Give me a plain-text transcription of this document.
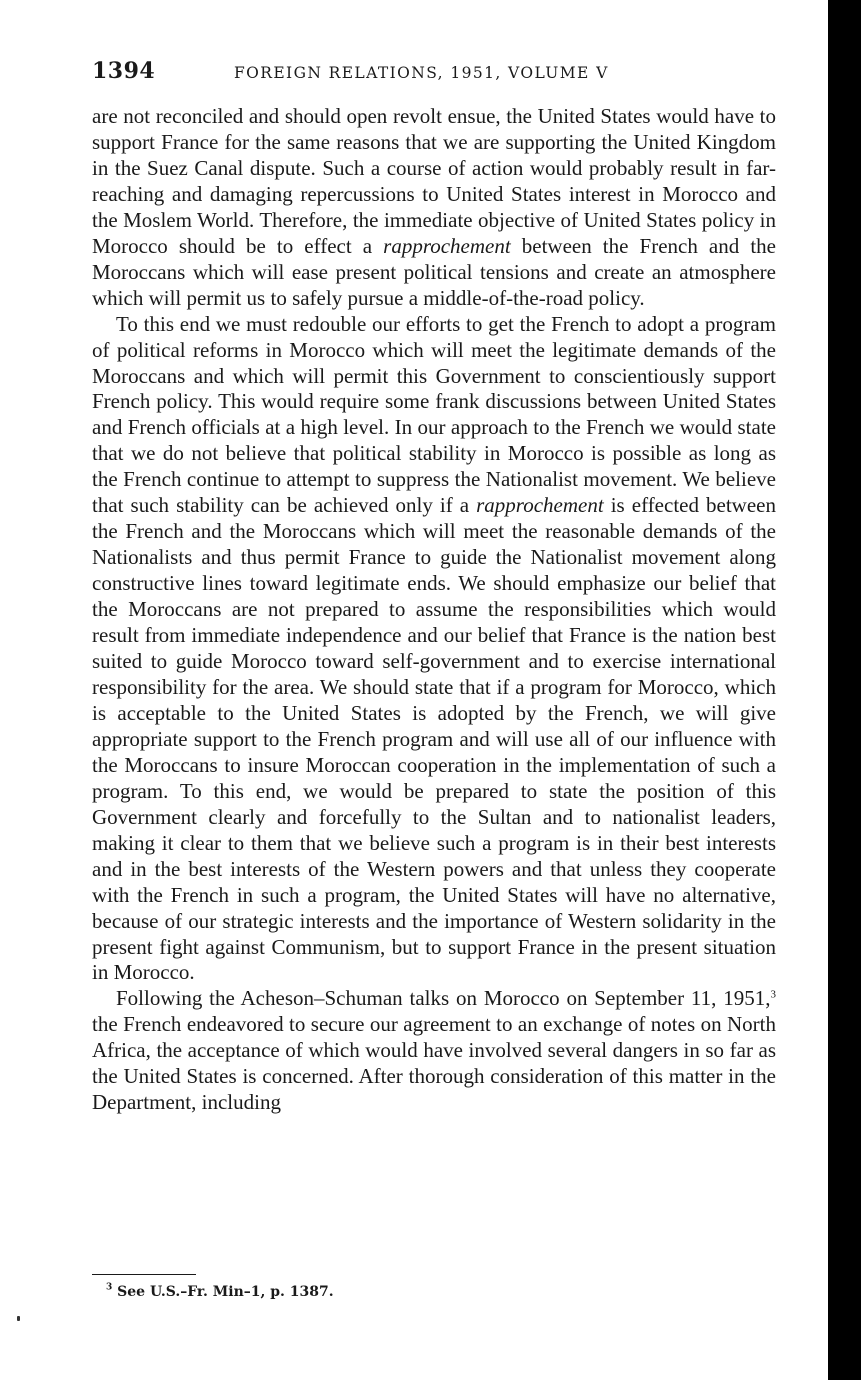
1394	FOREIGN RELATIONS, 1951, VOLUME V

are not reconciled and should open revolt ensue, the United States would have to support France for the same reasons that we are supporting the United Kingdom in the Suez Canal dispute. Such a course of action would probably result in far-reaching and damaging repercussions to United States interest in Morocco and the Moslem World. Therefore, the immediate objective of United States policy in Morocco should be to effect a rapprochement between the French and the Moroccans which will ease present political tensions and create an atmosphere which will permit us to safely pursue a middle-of-the-road policy.

To this end we must redouble our efforts to get the French to adopt a program of political reforms in Morocco which will meet the legitimate demands of the Moroccans and which will permit this Government to conscientiously support French policy. This would require some frank discussions between United States and French officials at a high level. In our approach to the French we would state that we do not believe that political stability in Morocco is possible as long as the French continue to attempt to suppress the Nationalist movement. We believe that such stability can be achieved only if a rapprochement is effected between the French and the Moroccans which will meet the reasonable demands of the Nationalists and thus permit France to guide the Nationalist movement along constructive lines toward legitimate ends. We should emphasize our belief that the Moroccans are not prepared to assume the responsibilities which would result from immediate independence and our belief that France is the nation best suited to guide Morocco toward self-government and to exercise international responsibility for the area. We should state that if a program for Morocco, which is acceptable to the United States is adopted by the French, we will give appropriate support to the French program and will use all of our influence with the Moroccans to insure Moroccan cooperation in the implementation of such a program. To this end, we would be prepared to state the position of this Government clearly and forcefully to the Sultan and to nationalist leaders, making it clear to them that we believe such a program is in their best interests and in the best interests of the Western powers and that unless they cooperate with the French in such a program, the United States will have no alternative, because of our strategic interests and the importance of Western solidarity in the present fight against Communism, but to support France in the present situation in Morocco.

Following the Acheson–Schuman talks on Morocco on September 11, 1951,$^3$ the French endeavored to secure our agreement to an exchange of notes on North Africa, the acceptance of which would have involved several dangers in so far as the United States is concerned. After thorough consideration of this matter in the Department, including

$^3$ See U.S.–Fr. Min–1, p. 1387.
